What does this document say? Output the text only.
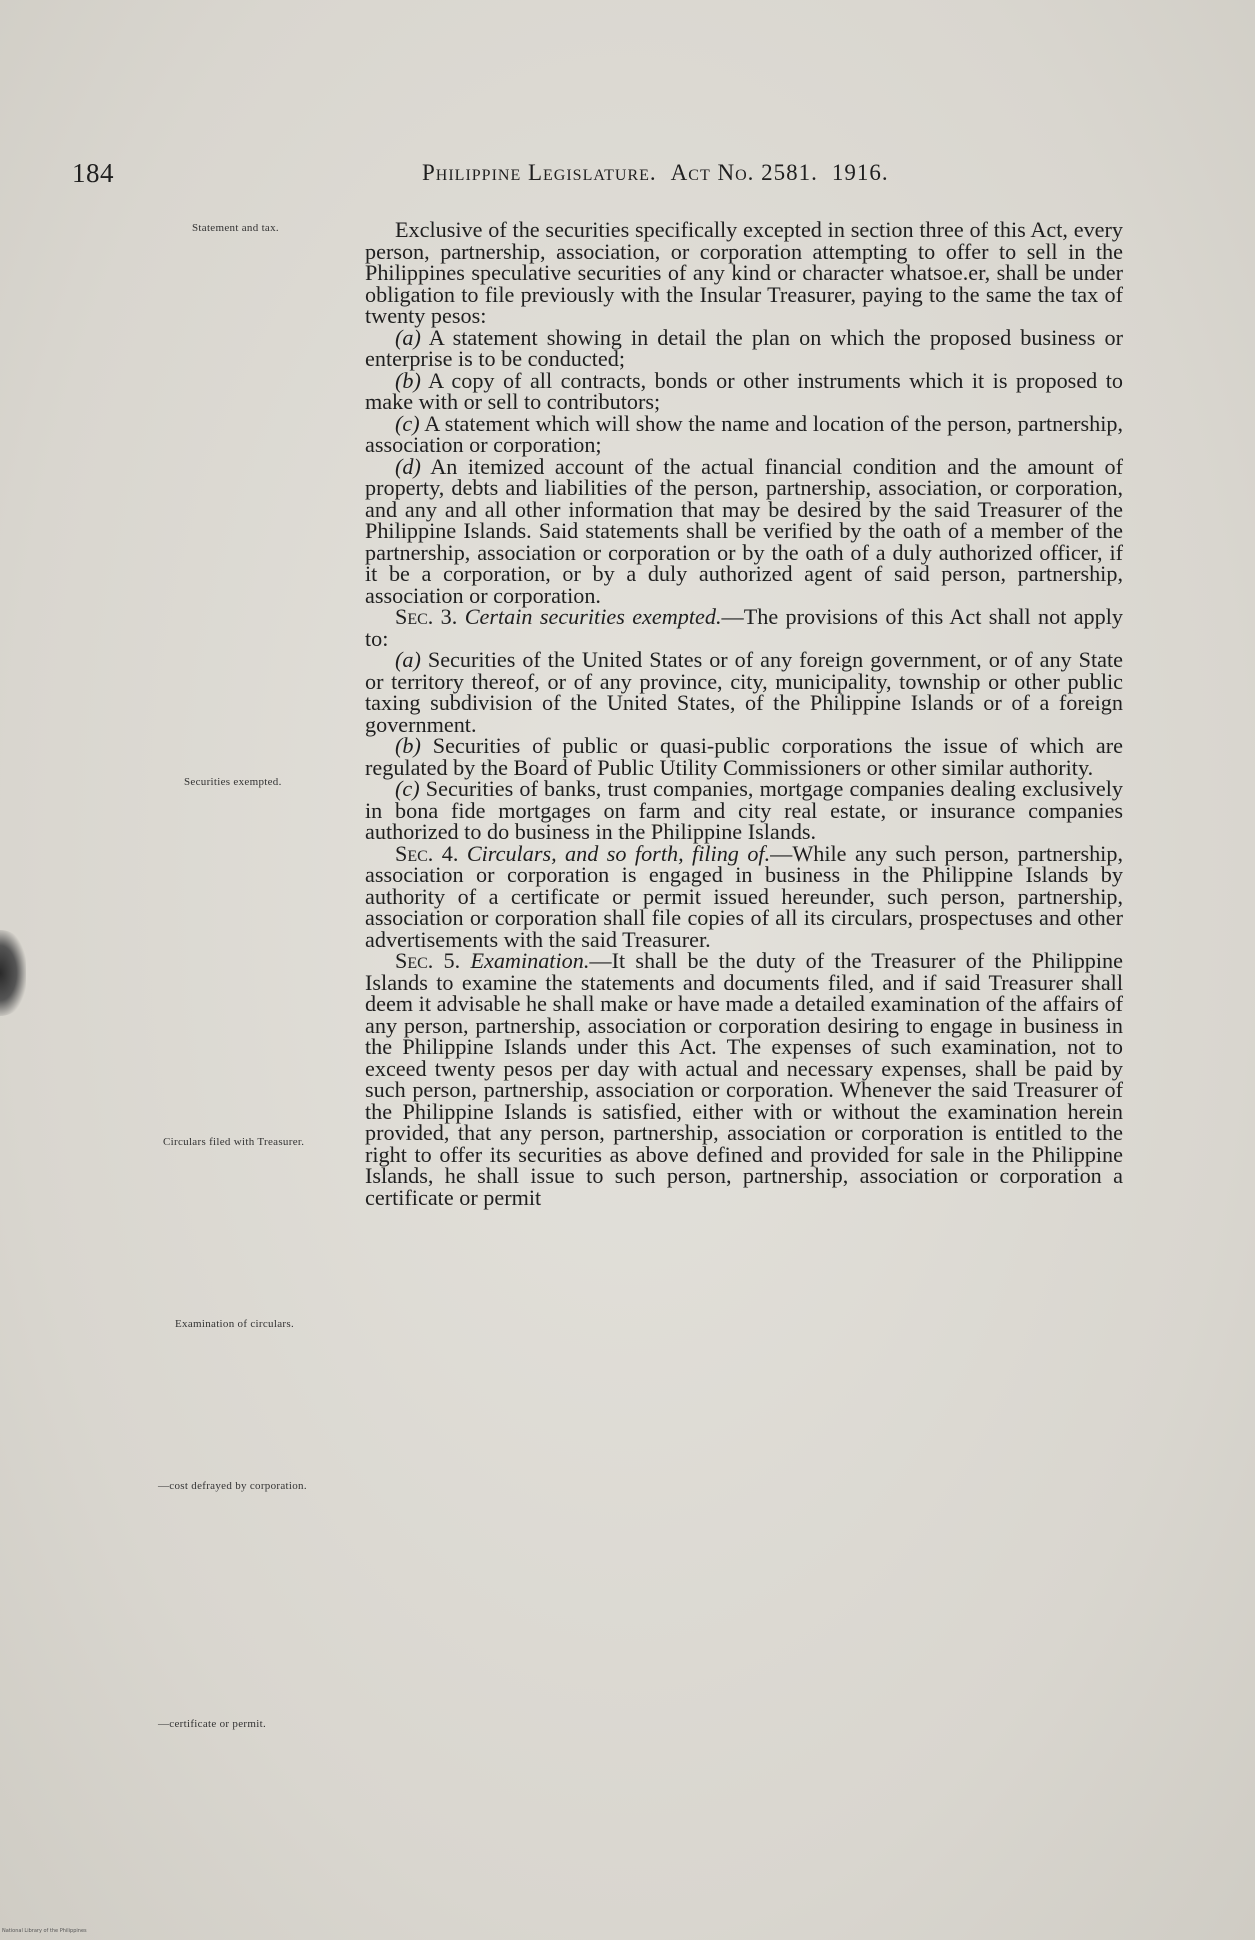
184	Philippine Legislature. Act No. 2581. 1916.
Statement and tax.
Securities exempted.
Circulars filed with Treasurer.
Examination of circulars.
—cost defrayed by corporation.
—certificate or permit.

Exclusive of the securities specifically excepted in section three of this Act, every person, partnership, association, or corporation attempting to offer to sell in the Philippines speculative securities of any kind or character whatsoe.er, shall be under obligation to file previously with the Insular Treasurer, paying to the same the tax of twenty pesos:

(a) A statement showing in detail the plan on which the proposed business or enterprise is to be conducted;

(b) A copy of all contracts, bonds or other instruments which it is proposed to make with or sell to contributors;

(c) A statement which will show the name and location of the person, partnership, association or corporation;

(d) An itemized account of the actual financial condition and the amount of property, debts and liabilities of the person, partnership, association, or corporation, and any and all other information that may be desired by the said Treasurer of the Philippine Islands. Said statements shall be verified by the oath of a member of the partnership, association or corporation or by the oath of a duly authorized officer, if it be a corporation, or by a duly authorized agent of said person, partnership, association or corporation.

Sec. 3. Certain securities exempted.—The provisions of this Act shall not apply to:

(a) Securities of the United States or of any foreign government, or of any State or territory thereof, or of any province, city, municipality, township or other public taxing subdivision of the United States, of the Philippine Islands or of a foreign government.

(b) Securities of public or quasi-public corporations the issue of which are regulated by the Board of Public Utility Commissioners or other similar authority.

(c) Securities of banks, trust companies, mortgage companies dealing exclusively in bona fide mortgages on farm and city real estate, or insurance companies authorized to do business in the Philippine Islands.

Sec. 4. Circulars, and so forth, filing of.—While any such person, partnership, association or corporation is engaged in business in the Philippine Islands by authority of a certificate or permit issued hereunder, such person, partnership, association or corporation shall file copies of all its circulars, prospectuses and other advertisements with the said Treasurer.

Sec. 5. Examination.—It shall be the duty of the Treasurer of the Philippine Islands to examine the statements and documents filed, and if said Treasurer shall deem it advisable he shall make or have made a detailed examination of the affairs of any person, partnership, association or corporation desiring to engage in business in the Philippine Islands under this Act. The expenses of such examination, not to exceed twenty pesos per day with actual and necessary expenses, shall be paid by such person, partnership, association or corporation. Whenever the said Treasurer of the Philippine Islands is satisfied, either with or without the examination herein provided, that any person, partnership, association or corporation is entitled to the right to offer its securities as above defined and provided for sale in the Philippine Islands, he shall issue to such person, partnership, association or corporation a certificate or permit

National Library of the Philippines
